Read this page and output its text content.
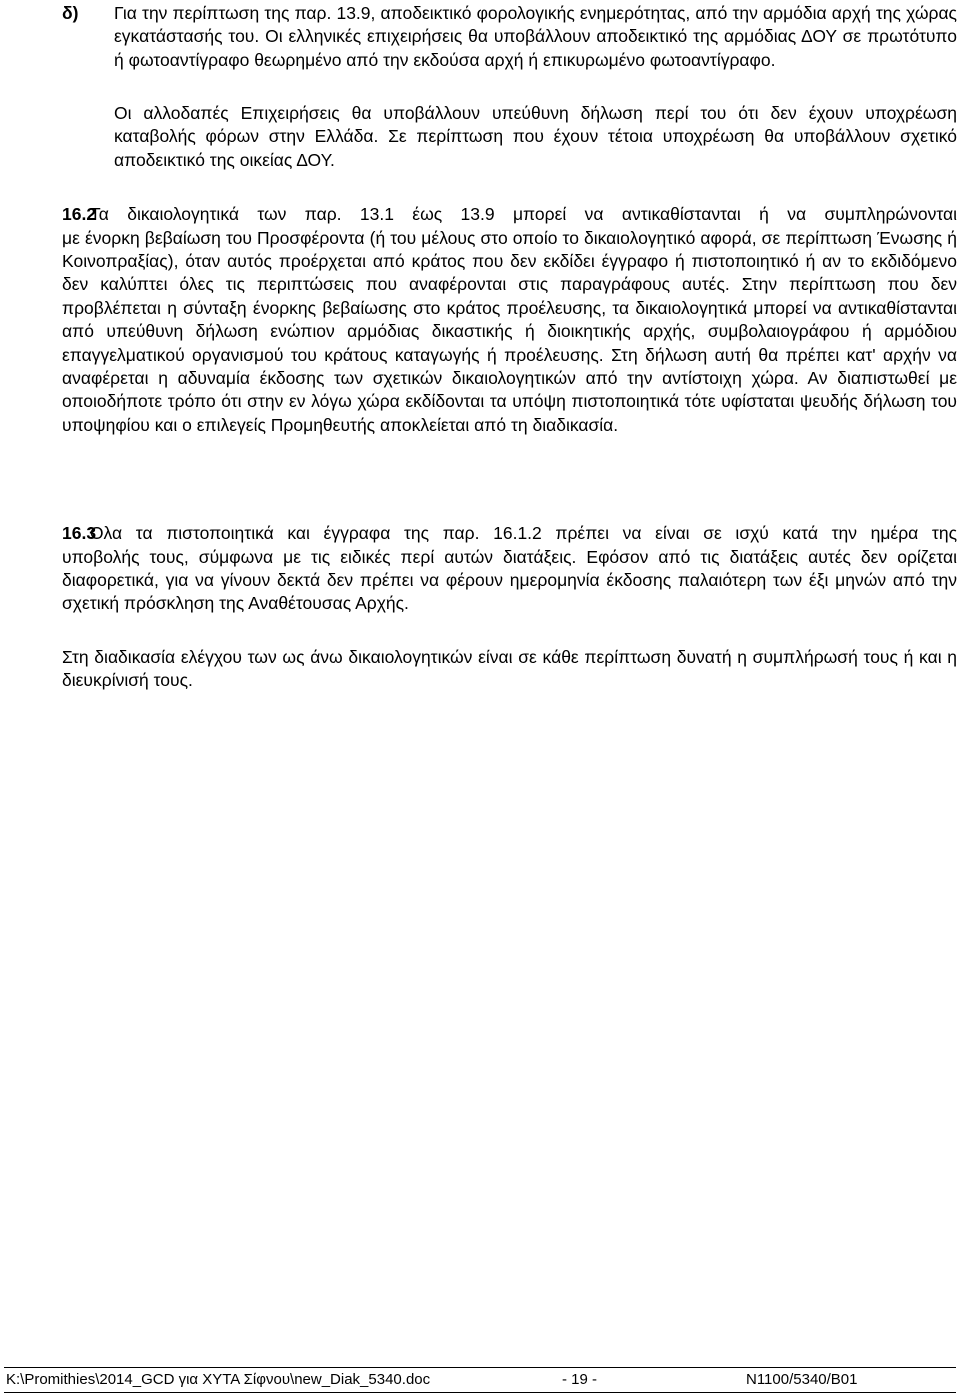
δ) Για την περίπτωση της παρ. 13.9, αποδεικτικό φορολογικής ενημερότητας, από την αρμόδια αρχή της χώρας εγκατάστασής του. Οι ελληνικές επιχειρήσεις θα υποβάλλουν αποδεικτικό της αρμόδιας ΔΟΥ σε πρωτότυπο ή φωτοαντίγραφο θεωρημένο από την εκδούσα αρχή ή επικυρωμένο φωτοαντίγραφο.

Οι αλλοδαπές Επιχειρήσεις θα υποβάλλουν υπεύθυνη δήλωση περί του ότι δεν έχουν υποχρέωση καταβολής φόρων στην Ελλάδα. Σε περίπτωση που έχουν τέτοια υποχρέωση θα υποβάλλουν σχετικό αποδεικτικό της οικείας ΔΟΥ.

16.2

Τα δικαιολογητικά των παρ. 13.1 έως 13.9 μπορεί να αντικαθίστανται ή να συμπληρώνονται

με ένορκη βεβαίωση του Προσφέροντα (ή του μέλους στο οποίο το δικαιολογητικό αφορά, σε περίπτωση Ένωσης ή Κοινοπραξίας), όταν αυτός προέρχεται από κράτος που δεν εκδίδει έγγραφο ή πιστοποιητικό ή αν το εκδιδόμενο δεν καλύπτει όλες τις περιπτώσεις που αναφέρονται στις παραγράφους αυτές. Στην περίπτωση που δεν προβλέπεται η σύνταξη ένορκης βεβαίωσης στο κράτος προέλευσης, τα δικαιολογητικά μπορεί να αντικαθίστανται από υπεύθυνη δήλωση ενώπιον αρμόδιας δικαστικής ή διοικητικής αρχής, συμβολαιογράφου ή αρμόδιου επαγγελματικού οργανισμού του κράτους καταγωγής ή προέλευσης. Στη δήλωση αυτή θα πρέπει κατ' αρχήν να αναφέρεται η αδυναμία έκδοσης των σχετικών δικαιολογητικών από την αντίστοιχη χώρα. Αν διαπιστωθεί με οποιοδήποτε τρόπο ότι στην εν λόγω χώρα εκδίδονται τα υπόψη πιστοποιητικά τότε υφίσταται ψευδής δήλωση του υποψηφίου και ο επιλεγείς Προμηθευτής αποκλείεται από τη διαδικασία.

16.3

Όλα τα πιστοποιητικά και έγγραφα της παρ. 16.1.2 πρέπει να είναι σε ισχύ κατά την ημέρα της

υποβολής τους, σύμφωνα με τις ειδικές περί αυτών διατάξεις. Εφόσον από τις διατάξεις αυτές δεν ορίζεται διαφορετικά, για να γίνουν δεκτά δεν πρέπει να φέρουν ημερομηνία έκδοσης παλαιότερη των έξι μηνών από την σχετική πρόσκληση της Αναθέτουσας Αρχής.

Στη διαδικασία ελέγχου των ως άνω δικαιολογητικών είναι σε κάθε περίπτωση δυνατή η συμπλήρωσή τους ή και η διευκρίνισή τους.

K:\Promithies\2014_GCD για ΧΥΤΑ Σίφνου\new_Diak_5340.doc	- 19 -	N1100/5340/B01
